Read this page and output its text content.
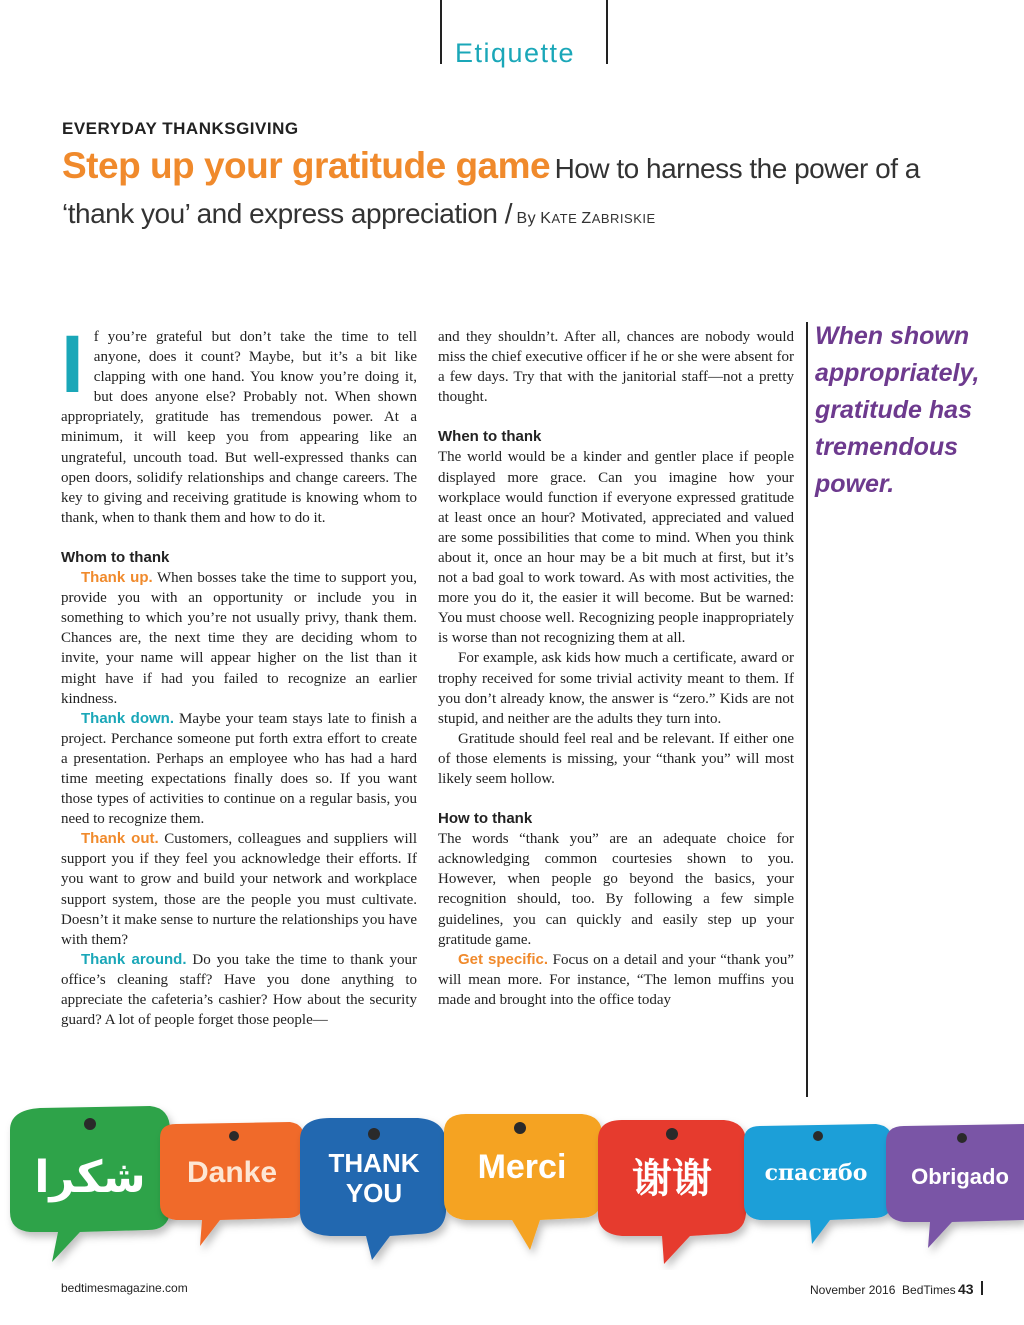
Etiquette
EVERYDAY THANKSGIVING
Step up your gratitude game How to harness the power of a ‘thank you’ and express appreciation / By KATE ZABRISKIE

If you’re grateful but don’t take the time to tell anyone, does it count? Maybe, but it’s a bit like clapping with one hand. You know you’re doing it, but does anyone else? Probably not. When shown appropriately, gratitude has tremendous power. At a minimum, it will keep you from appearing like an ungrateful, uncouth toad. But well-expressed thanks can open doors, solidify relationships and change careers. The key to giving and receiving gratitude is knowing whom to thank, when to thank them and how to do it.

Whom to thank

Thank up. When bosses take the time to support you, provide you with an opportunity or include you in something to which you’re not usually privy, thank them. Chances are, the next time they are deciding whom to invite, your name will appear higher on the list than it might have if had you failed to recognize an earlier kindness.

Thank down. Maybe your team stays late to finish a project. Perchance someone put forth extra effort to create a presentation. Perhaps an employee who has had a hard time meeting expectations finally does so. If you want those types of activities to continue on a regular basis, you need to recognize them.

Thank out. Customers, colleagues and suppliers will support you if they feel you acknowledge their efforts. If you want to grow and build your network and workplace support system, those are the people you must cultivate. Doesn’t it make sense to nurture the relationships you have with them?

Thank around. Do you take the time to thank your office’s cleaning staff? Have you done anything to appreciate the cafeteria’s cashier? How about the security guard? A lot of people forget those people—

and they shouldn’t. After all, chances are nobody would miss the chief executive officer if he or she were absent for a few days. Try that with the janitorial staff—not a pretty thought.

When to thank

The world would be a kinder and gentler place if people displayed more grace. Can you imagine how your workplace would function if everyone expressed gratitude at least once an hour? Motivated, appreciated and valued are some possibilities that come to mind. When you think about it, once an hour may be a bit much at first, but it’s not a bad goal to work toward. As with most activities, the more you do it, the easier it will become. But be warned: You must choose well. Recognizing people inappropriately is worse than not recognizing them at all.

For example, ask kids how much a certificate, award or trophy received for some trivial activity meant to them. If you don’t already know, the answer is “zero.” Kids are not stupid, and neither are the adults they turn into.

Gratitude should feel real and be relevant. If either one of those elements is missing, your “thank you” will most likely seem hollow.

How to thank

The words “thank you” are an adequate choice for acknowledging common courtesies shown to you. However, when people go beyond the basics, your recognition should, too. By following a few simple guidelines, you can quickly and easily step up your gratitude game.

Get specific. Focus on a detail and your “thank you” will mean more. For instance, “The lemon muffins you made and brought into the office today

When shown appropriately, gratitude has tremendous power.
شكرا Danke THANK YOU
Merci 谢谢 спасибо Obrigado
bedtimesmagazine.com	November 2016  BedTimes 43
